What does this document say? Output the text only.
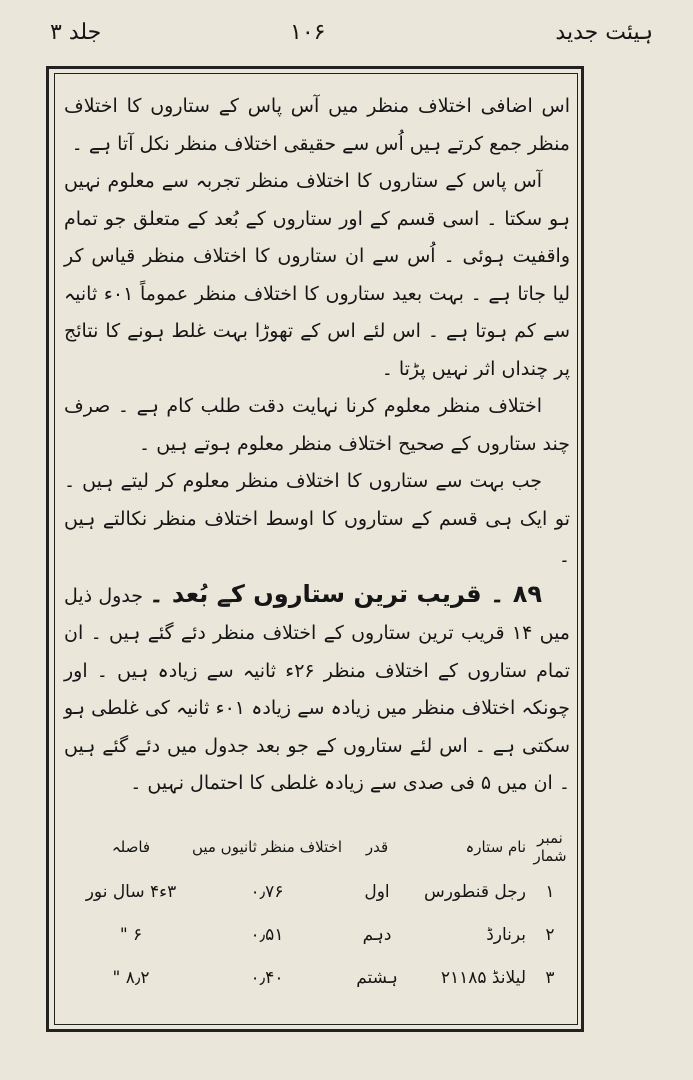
ہیئت جدید
جلد ۳	۱۰۶

اس اضافی اختلاف منظر میں آس پاس کے ستاروں کا اختلاف منظر جمع کرتے ہیں اُس سے حقیقی اختلاف منظر نکل آتا ہے ۔

آس پاس کے ستاروں کا اختلاف منظر تجربہ سے معلوم نہیں ہو سکتا ۔ اسی قسم کے اور ستاروں کے بُعد کے متعلق جو تمام واقفیت ہوئی ۔ اُس سے ان ستاروں کا اختلاف منظر قیاس کر لیا جاتا ہے ۔ بہت بعید ستاروں کا اختلاف منظر عموماً ۰۱ء ثانیہ سے کم ہوتا ہے ۔ اس لئے اس کے تھوڑا بہت غلط ہونے کا نتائج پر چنداں اثر نہیں پڑتا ۔

اختلاف منظر معلوم کرنا نہایت دقت طلب کام ہے ۔ صرف چند ستاروں کے صحیح اختلاف منظر معلوم ہوتے ہیں ۔

جب بہت سے ستاروں کا اختلاف منظر معلوم کر لیتے ہیں ۔ تو ایک ہی قسم کے ستاروں کا اوسط اختلاف منظر نکالتے ہیں ۔

۸۹ ۔ قریب ترین ستاروں کے بُعد ۔ جدول ذیل میں ۱۴ قریب ترین ستاروں کے اختلاف منظر دئے گئے ہیں ۔ ان تمام ستاروں کے اختلاف منظر ۲۶ء ثانیہ سے زیادہ ہیں ۔ اور چونکہ اختلاف منظر میں زیادہ سے زیادہ ۰۱ء ثانیہ کی غلطی ہو سکتی ہے ۔ اس لئے ستاروں کے جو بعد جدول میں دئے گئے ہیں ۔ ان میں ۵ فی صدی سے زیادہ غلطی کا احتمال نہیں ۔

نمبر شمار
نام ستارہ
قدر
اختلاف منظر ثانیوں میں
فاصلہ
۱
رجل قنطورس
اول
۰٫۷۶
۳ء۴ سال نور
۲
برنارڈ
دہم
۰٫۵۱
۶ "
۳
لیلانڈ ۲۱۱۸۵
ہشتم
۰٫۴۰
۸٫۲ "
